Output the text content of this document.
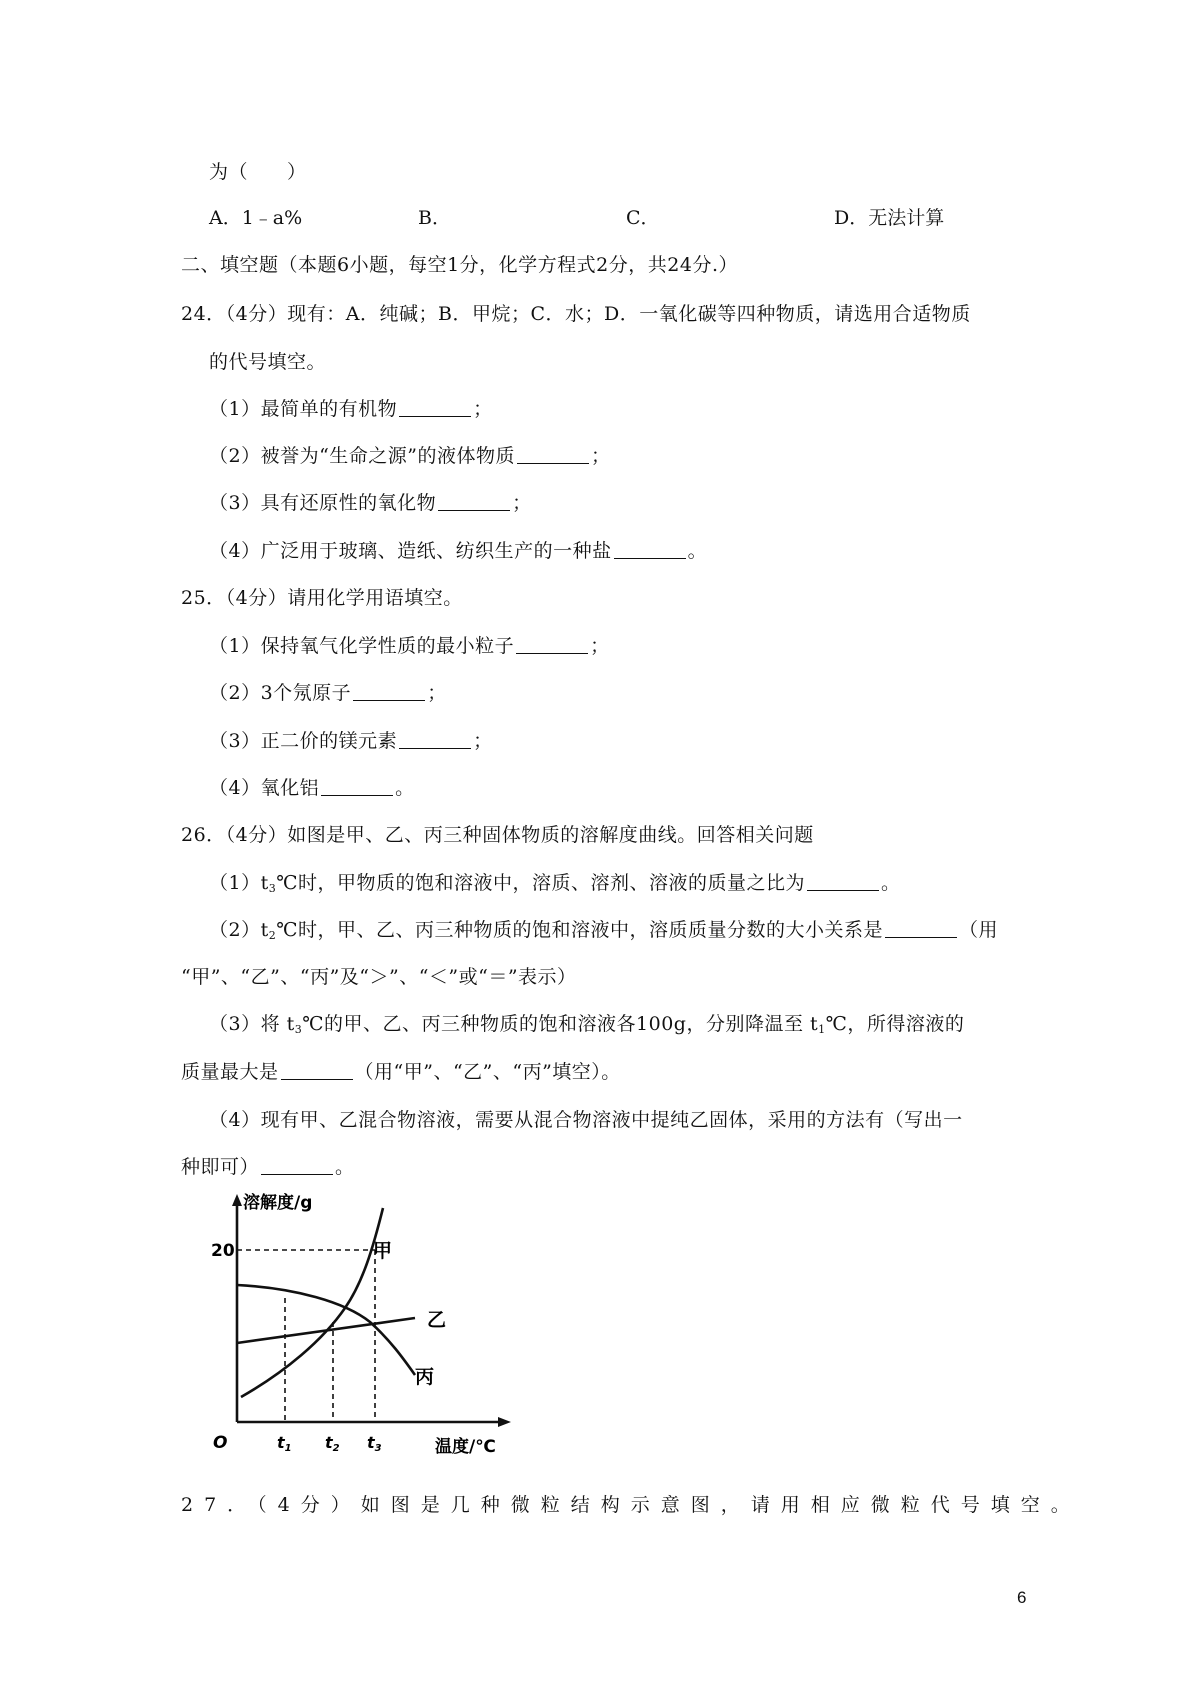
为（　　）
A．1﹣a%	B．	C．	D．无法计算
二、填空题（本题6小题，每空1分，化学方程式2分，共24分.）
24．（4分）现有：A．纯碱；B．甲烷；C．水；D．一氧化碳等四种物质，请选用合适物质
的代号填空。
（1）最简单的有机物	；
（2）被誉为“生命之源”的液体物质	；
（3）具有还原性的氧化物	；
（4）广泛用于玻璃、造纸、纺织生产的一种盐	。
25．（4分）请用化学用语填空。
（1）保持氧气化学性质的最小粒子	；
（2）3个氖原子	；
（3）正二价的镁元素	；
（4）氧化铝	。
26．（4分）如图是甲、乙、丙三种固体物质的溶解度曲线。回答相关问题
$(1)t_3℃$时，甲物质的饱和溶液中，溶质、溶剂、溶液的质量之比为	。
$(2)t_2℃$时，甲、乙、丙三种物质的饱和溶液中，溶质质量分数的大小关系是	（用
“甲”、“乙”、“丙”及“＞”、“＜”或“＝”表示）
（3）将 $t_3℃$的甲、乙、丙三种物质的饱和溶液各100g，分别降温至 $t_1℃$，所得溶液的
质量最大是	（用“甲”、“乙”、“丙”填空）。
（4）现有甲、乙混合物溶液，需要从混合物溶液中提纯乙固体，采用的方法有（写出一
种即可）	。
溶解度/g
20
O	t1 t2 t3	温度/℃
甲
乙
丙
27．（4分）如图是几种微粒结构示意图，请用相应微粒代号填空。
6
